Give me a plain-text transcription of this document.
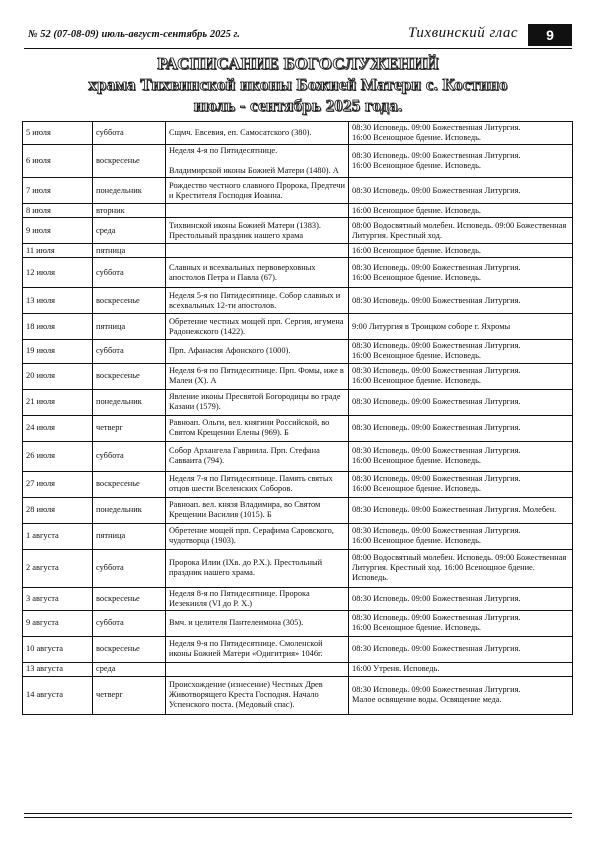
№ 52 (07-08-09) июль-август-сентябрь 2025 г.	Тихвинский глас	9
РАСПИСАНИЕ БОГОСЛУЖЕНИЙ
храма Тихвинской иконы Божией Матери с. Костино
июль - сентябрь 2025 года.
5 июля	суббота	Сщмч. Евсевия, еп. Самосатского (380).	08:30 Исповедь. 09:00 Божественная Литургия.
16:00 Всенощное бдение. Исповедь.
6 июля	воскресенье	Неделя 4-я по Пятидесятнице.

Владимирской иконы Божией Матери (1480). А	08:30 Исповедь. 09:00 Божественная Литургия.
16:00 Всенощное бдение. Исповедь.
7 июля	понедельник	Рождество честного славного Пророка, Предтечи и Крестителя Господня Иоанна.	08:30 Исповедь. 09:00 Божественная Литургия.
8 июля	вторник		16:00 Всенощное бдение. Исповедь.
9 июля	среда	Тихвинской иконы Божией Матери (1383). Престольный праздник нашего храма	08:00 Водосвятный молебен. Исповедь. 09:00 Божественная Литургия. Крестный ход.
11 июля	пятница		16:00 Всенощное бдение. Исповедь.
12 июля	суббота	Славных и всехвальных первоверховных апостолов Петра и Павла (67).	08:30 Исповедь. 09:00 Божественная Литургия.
16:00 Всенощное бдение. Исповедь.
13 июля	воскресенье	Неделя 5-я по Пятидесятнице. Собор славных и всехвальных 12-ти апостолов.	08:30 Исповедь. 09:00 Божественная Литургия.
18 июля	пятница	Обретение честных мощей прп. Сергия, игумена Радонежского (1422).	9:00 Литургия в Троицком соборе г. Яхромы
19 июля	суббота	Прп. Афанасия Афонского (1000).	08:30 Исповедь. 09:00 Божественная Литургия.
16:00 Всенощное бдение. Исповедь.
20 июля	воскресенье	Неделя 6-я по Пятидесятнице. Прп. Фомы, иже в Малеи (X). А	08:30 Исповедь. 09:00 Божественная Литургия.
16:00 Всенощное бдение. Исповедь.
21 июля	понедельник	Явление иконы Пресвятой Богородицы во граде Казани (1579).	08:30 Исповедь. 09:00 Божественная Литургия.
24 июля	четверг	Равноап. Ольги, вел. княгини Российской, во Святом Крещении Елены (969). Б	08:30 Исповедь. 09:00 Божественная Литургия.
26 июля	суббота	Собор Архангела Гавриила. Прп. Стефана Савваита (794).	08:30 Исповедь. 09:00 Божественная Литургия.
16:00 Всенощное бдение. Исповедь.
27 июля	воскресенье	Неделя 7-я по Пятидесятнице. Память святых отцов шести Вселенских Соборов.	08:30 Исповедь. 09:00 Божественная Литургия.
16:00 Всенощное бдение. Исповедь.
28 июля	понедельник	Равноап. вел. князя Владимира, во Святом Крещении Василия (1015). Б	08:30 Исповедь. 09:00 Божественная Литургия. Молебен.
1 августа	пятница	Обретение мощей прп. Серафима Саровского, чудотворца (1903).	08:30 Исповедь. 09:00 Божественная Литургия.
16:00 Всенощное бдение. Исповедь.
2 августа	суббота	Пророка Илии (IXв. до Р.Х.). Престольный праздник нашего храма.	08:00 Водосвятный молебен. Исповедь. 09:00 Божественная Литургия. Крестный ход. 16:00 Всенощное бдение. Исповедь.
3 августа	воскресенье	Неделя 8-я по Пятидесятнице. Пророка Иезекииля (VI до Р. Х.)	08:30 Исповедь. 09:00 Божественная Литургия.
9 августа	суббота	Вмч. и целителя Пантелеимона (305).	08:30 Исповедь. 09:00 Божественная Литургия.
16:00 Всенощное бдение. Исповедь.
10 августа	воскресенье	Неделя 9-я по Пятидесятнице. Смоленской иконы Божией Матери «Одигитрия» 1046г.	08:30 Исповедь. 09:00 Божественная Литургия.
13 августа	среда		16:00 Утреня. Исповедь.
14 августа	четверг	Происхождение (изнесение) Честных Древ Животворящего Креста Господня. Начало Успенского поста. (Медовый спас).	08:30 Исповедь. 09:00 Божественная Литургия.
Малое освящение воды. Освящение меда.
